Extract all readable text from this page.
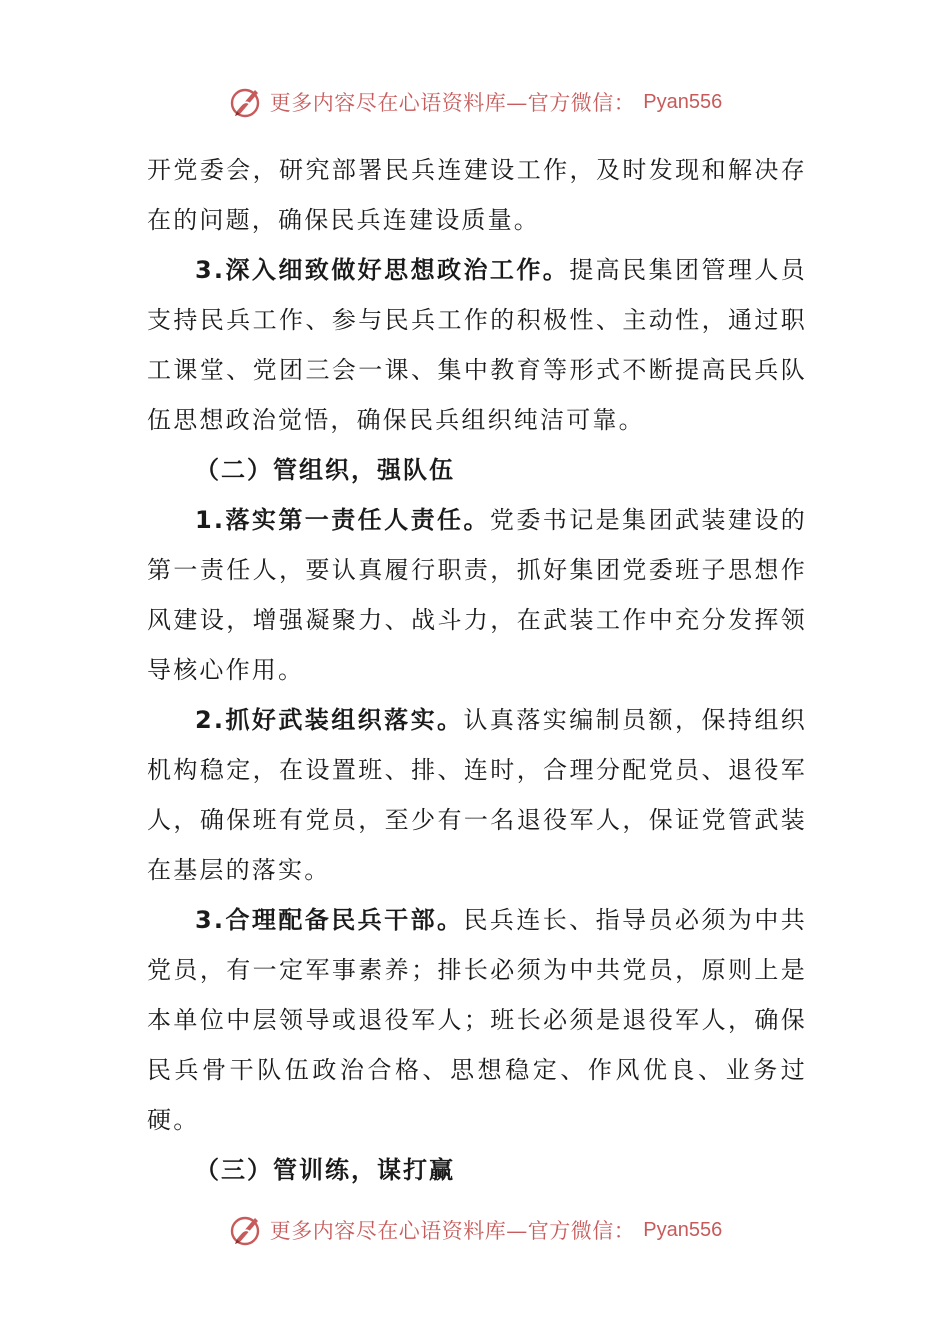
更多内容尽在心语资料库—官方微信： Pyan556

开党委会，研究部署民兵连建设工作，及时发现和解决存在的问题，确保民兵连建设质量。

3.深入细致做好思想政治工作。提高民集团管理人员支持民兵工作、参与民兵工作的积极性、主动性，通过职工课堂、党团三会一课、集中教育等形式不断提高民兵队伍思想政治觉悟，确保民兵组织纯洁可靠。

（二）管组织，强队伍

1.落实第一责任人责任。党委书记是集团武装建设的第一责任人，要认真履行职责，抓好集团党委班子思想作风建设，增强凝聚力、战斗力，在武装工作中充分发挥领导核心作用。

2.抓好武装组织落实。认真落实编制员额，保持组织机构稳定，在设置班、排、连时，合理分配党员、退役军人，确保班有党员，至少有一名退役军人，保证党管武装在基层的落实。

3.合理配备民兵干部。民兵连长、指导员必须为中共党员，有一定军事素养；排长必须为中共党员，原则上是本单位中层领导或退役军人；班长必须是退役军人，确保民兵骨干队伍政治合格、思想稳定、作风优良、业务过硬。

（三）管训练，谋打赢

更多内容尽在心语资料库—官方微信： Pyan556
